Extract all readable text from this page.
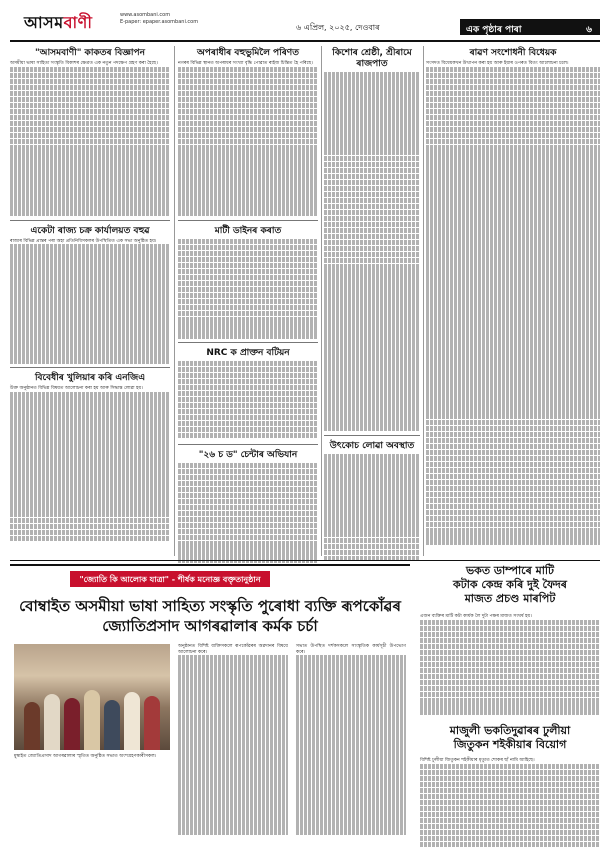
আসমবাণী	www.asombani.com
E-paper: epaper.asombani.com
৬ এপ্ৰিল, ২০২৫, দেওবাৰ	এক পৃষ্ঠাৰ পাৰা	৬
"আসমবাণী" কাকতৰ বিজ্ঞাপন
অসমীয়া ভাষা সাহিত্য সংস্কৃতি বিকাশৰ ক্ষেত্ৰত এক নতুন পদক্ষেপ গ্ৰহণ কৰা হৈছে।
একেটা ৰাজ্য চক্ৰ কাৰ্যালয়ত বহুৱ
ৰাজ্যৰ বিভিন্ন প্ৰান্তৰ পৰা অহা প্ৰতিনিধিসকলৰ উপস্থিতিত এক সভা অনুষ্ঠিত হয়।
বিবেধীৰ খুলিয়াৰ কৰি এনজিএ
উক্ত অনুষ্ঠানত বিভিন্ন বিষয়ত আলোচনা কৰা হয় আৰু সিদ্ধান্ত লোৱা হয়।
অপৰাধীৰ বহুভুমিলৈ পৰিণত
নগৰৰ বিভিন্ন স্থানত অপৰাধৰ সংখ্যা বৃদ্ধি পোৱাত ৰাইজ চিন্তিত হৈ পৰিছে।
মাটী ডাইনৰ কৰাত
NRC ক প্ৰাক্তন বটিয়ন
"২৬ চ ড" চেন্টাৰ অভিযান
কিশোৰ শ্ৰেষ্ঠী, শ্ৰীৰামে ৰাজপাত
উৎকোচ লোৱা অবস্থাত
ৰাৱণ সংশোধনী বিধেয়ক
সংসদত বিধেয়কখন উত্থাপন কৰা হয় আৰু ইয়াৰ ওপৰত বিতং আলোচনা চলে।
"জ্যোতি কি আলোক যাত্ৰা" - শীৰ্ষক মনোজ্ঞ বক্তৃতানুষ্ঠান
বোম্বাইত অসমীয়া ভাষা সাহিত্য সংস্কৃতি পুৰোধা ব্যক্তি ৰূপকোঁৱৰ জ্যোতিপ্ৰসাদ আগৰৱালাৰ কৰ্মক চৰ্চা
মুম্বাইত জ্যোতিপ্ৰসাদ আগৰৱালাৰ স্মৃতিত অনুষ্ঠিত সভাত অংশগ্ৰহণকাৰীসকল।
অনুষ্ঠানত বিশিষ্ট ব্যক্তিসকলে ৰূপকোঁৱৰৰ অৱদানৰ বিষয়ে আলোচনা কৰে।
সভাত উপস্থিত দৰ্শকসকলে সাংস্কৃতিক কাৰ্যসূচী উপভোগ কৰে।
ভকত ডাম্পাৰে মাটি
কটাক কেন্দ্ৰ কৰি দুই ফৈদৰ
মাজত প্ৰচণ্ড মাৰপিট
এজন ব্যক্তিৰ মাটি কটা কাৰ্যক লৈ দুটা পক্ষৰ মাজত সংঘৰ্ষ হয়।
মাজুলী ভকতিদুৱাৰৰ ঢুলীয়া
জিতুকন শইকীয়াৰ বিয়োগ
বিশিষ্ট ঢুলীয়া জিতুকন শইকীয়াৰ মৃত্যুত শোকৰ ছাঁ নামি আহিছে।
